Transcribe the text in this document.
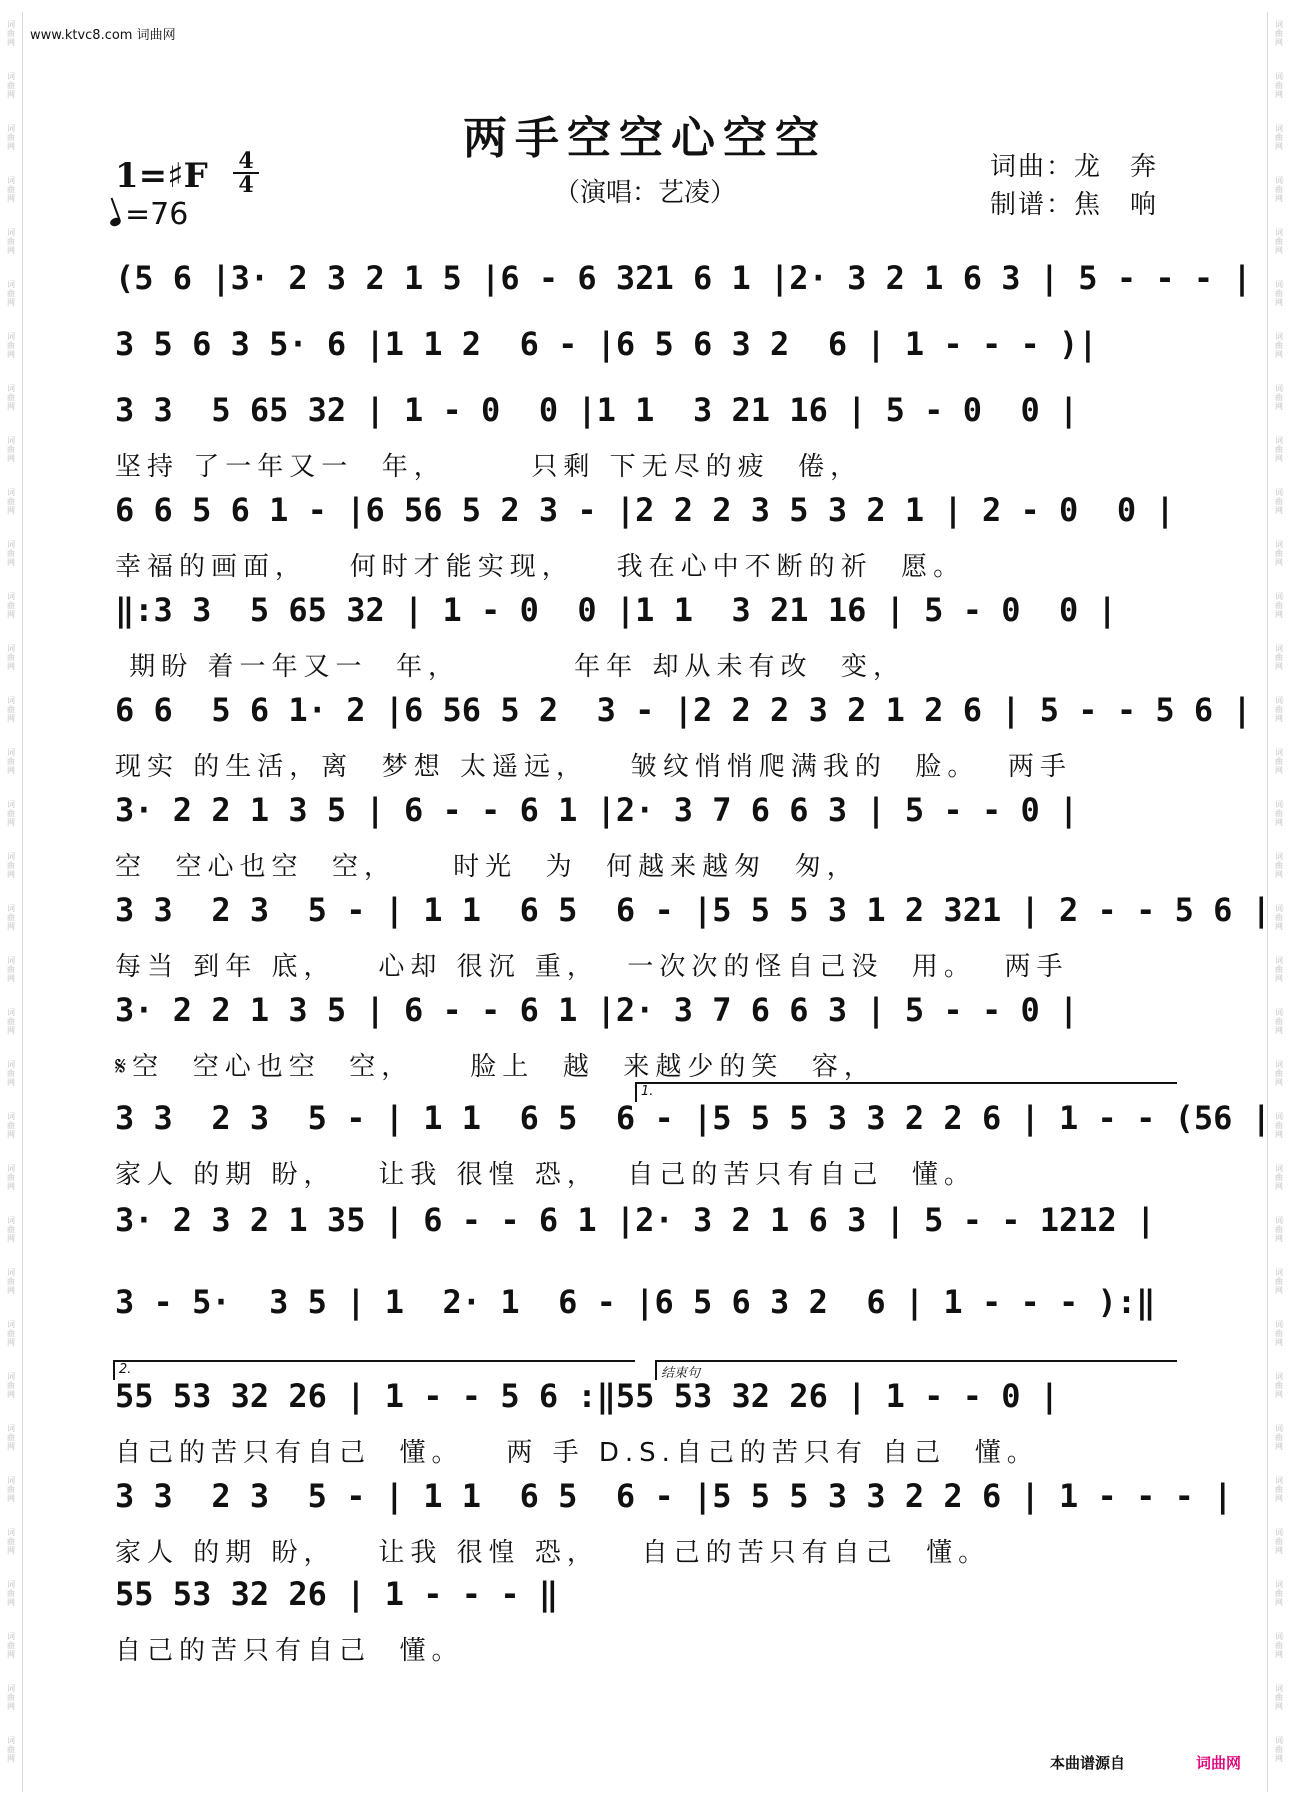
词
曲
网
词
曲
网
词
曲
网
词
曲
网
词
曲
网
词
曲
网
词
曲
网
词
曲
网
词
曲
网
词
曲
网
词
曲
网
词
曲
网
词
曲
网
词
曲
网
词
曲
网
词
曲
网
词
曲
网
词
曲
网
词
曲
网
词
曲
网
词
曲
网
词
曲
网
词
曲
网
词
曲
网
词
曲
网
词
曲
网
词
曲
网
词
曲
网
词
曲
网
词
曲
网
词
曲
网
词
曲
网
词
曲
网
词
曲
网
词
曲
网
词
曲
网
词
曲
网
词
曲
网
词
曲
网
词
曲
网
词
曲
网
词
曲
网
词
曲
网
词
曲
网
词
曲
网
词
曲
网
词
曲
网
词
曲
网
词
曲
网
词
曲
网
词
曲
网
词
曲
网
词
曲
网
词
曲
网
词
曲
网
词
曲
网
词
曲
网
词
曲
网
词
曲
网
词
曲
网
词
曲
网
词
曲
网
词
曲
网
词
曲
网
词
曲
网
词
曲
网
词
曲
网
词
曲
网
www.ktvc8.com 词曲网
两手空空心空空
1=♯F $\frac{4}{4}$
=76
（演唱：艺凌）
词曲：龙　奔
制谱：焦　响
(5 6 |3· 2 3 2 1 5 |6 - 6 321 6 1 |2· 3 2 1 6 3 | 5 - - - |
3 5 6 3 5· 6 |1 1 2  6 - |6 5 6 3 2  6 | 1 - - - )|
3 3  5 65 32 | 1 - 0  0 |1 1  3 21 16 | 5 - 0  0 |
坚持 了一年又一  年，      只剩 下无尽的疲  倦，
6 6 5 6 1 - |6 56 5 2 3 - |2 2 2 3 5 3 2 1 | 2 - 0  0 |
幸福的画面，   何时才能实现，   我在心中不断的祈  愿。
‖:3 3  5 65 32 | 1 - 0  0 |1 1  3 21 16 | 5 - 0  0 |
期盼 着一年又一  年，        年年 却从未有改  变，
6 6  5 6 1· 2 |6 56 5 2  3 - |2 2 2 3 2 1 2 6 | 5 - - 5 6 |
现实 的生活，离  梦想 太遥远，   皱纹悄悄爬满我的  脸。  两手
3· 2 2 1 3 5 | 6 - - 6 1 |2· 3 7 6 6 3 | 5 - - 0 |
空  空心也空  空，    时光  为  何越来越匆  匆，
3 3  2 3  5 - | 1 1  6 5  6 - |5 5 5 3 1 2 321 | 2 - - 5 6 |
每当 到年 底，   心却 很沉 重，  一次次的怪自己没  用。  两手
3· 2 2 1 3 5 | 6 - - 6 1 |2· 3 7 6 6 3 | 5 - - 0 |
𝄋空  空心也空  空，    脸上  越  来越少的笑  容，
1.
3 3  2 3  5 - | 1 1  6 5  6 - |5 5 5 3 3 2 2 6 | 1 - - (56 |
家人 的期 盼，   让我 很惶 恐，  自己的苦只有自己  懂。
3· 2 3 2 1 35 | 6 - - 6 1 |2· 3 2 1 6 3 | 5 - - 1212 |
3 - 5·  3 5 | 1  2· 1  6 - |6 5 6 3 2  6 | 1 - - - ):‖
2.	结束句
55 53 32 26 | 1 - - 5 6 :‖55 53 32 26 | 1 - - 0 |
自己的苦只有自己  懂。   两 手 D.S.自己的苦只有 自己  懂。
3 3  2 3  5 - | 1 1  6 5  6 - |5 5 5 3 3 2 2 6 | 1 - - - |
家人 的期 盼，   让我 很惶 恐，   自己的苦只有自己  懂。
55 53 32 26 | 1 - - - ‖
自己的苦只有自己  懂。
本曲谱源自	词曲网
